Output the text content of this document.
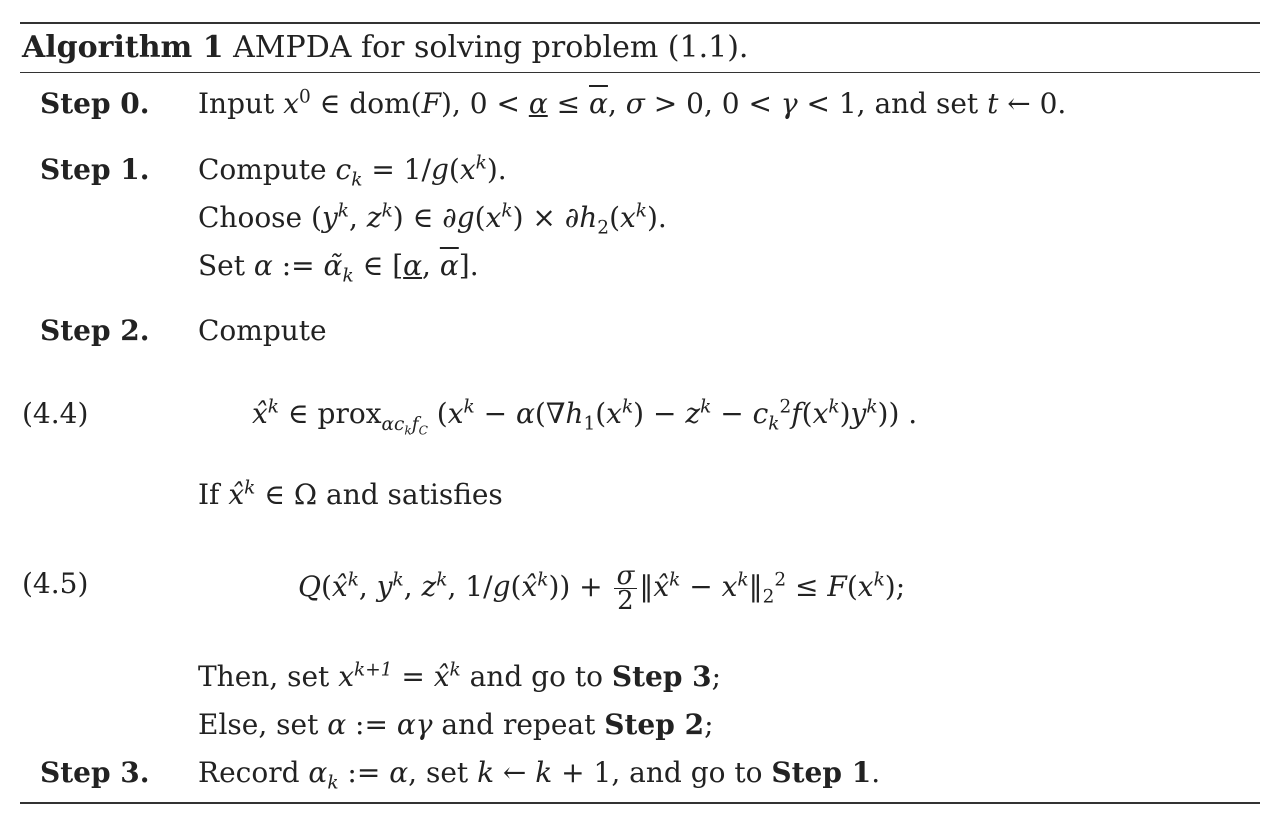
Algorithm 1 AMPDA for solving problem (1.1).
Step 0. Input $x^0$ ∈ dom(F), $0 < \alpha \le \overline{\alpha}$, σ > 0, 0 < γ < 1, and set t ← 0.
Step 1. Compute $c_k = 1/g(x^k)$.
Choose ($y^k$, $z^k$) ∈ $\partial g(x^k) \times \partial h_2(x^k)$.
Set α := $\alphã_k$ ∈ [α, $\overline{\alpha}$].
Step 2. Compute
(4.4)	x̂$^k$ ∈ prox$_{\alpha c_kf_C}$ $(x^k - \alpha(\nabla h_1(x^k) - z^k - c_k^2f(x^k)y^k))$ .
If x̂$^k$ ∈ Ω and satisfies
(4.5)	Q(x̂$^k$, $y^k$, $z^k$, 1/g(x̂$^k$)) + $\frac{\sigma}{2}$ ‖x̂$^k$ − $x^k‖_2^2 \le F(x^k)$;
Then, set $x^{k+1}$ = x̂$^k$ and go to Step 3;
Else, set α := αγ and repeat Step 2;
Step 3. Record $\alpha_k$ := α, set k ← k + 1, and go to Step 1.
